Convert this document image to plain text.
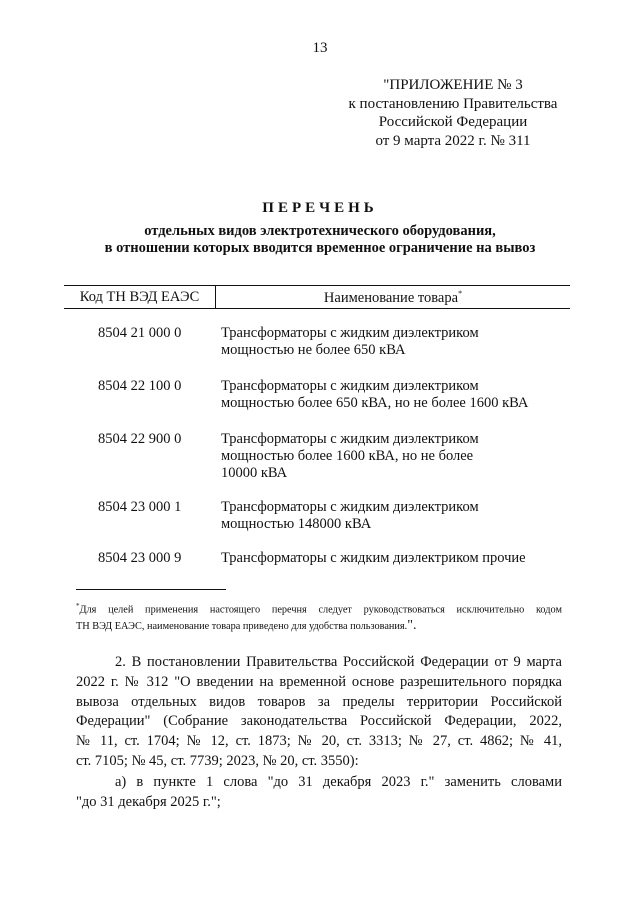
13
"ПРИЛОЖЕНИЕ № 3
к постановлению Правительства
Российской Федерации
от 9 марта 2022 г. № 311
ПЕРЕЧЕНЬ
отдельных видов электротехнического оборудования,
в отношении которых вводится временное ограничение на вывоз
Код ТН ВЭД ЕАЭС	Наименование товара*
8504 21 000 0	Трансформаторы с жидким диэлектриком
мощностью не более 650 кВА
8504 22 100 0	Трансформаторы с жидким диэлектриком
мощностью более 650 кВА, но не более 1600 кВА
8504 22 900 0	Трансформаторы с жидким диэлектриком
мощностью более 1600 кВА, но не более
10000 кВА
8504 23 000 1	Трансформаторы с жидким диэлектриком
мощностью 148000 кВА
8504 23 000 9	Трансформаторы с жидким диэлектриком прочие
*Для целей применения настоящего перечня следует руководствоваться исключительно кодом
ТН ВЭД ЕАЭС, наименование товара приведено для удобства пользования.".
2. В постановлении Правительства Российской Федерации от 9 марта
2022 г. № 312 "О введении на временной основе разрешительного порядка
вывоза отдельных видов товаров за пределы территории Российской
Федерации" (Собрание законодательства Российской Федерации, 2022,
№ 11, ст. 1704; № 12, ст. 1873; № 20, ст. 3313; № 27, ст. 4862; № 41,
ст. 7105; № 45, ст. 7739; 2023, № 20, ст. 3550):
а) в пункте 1 слова "до 31 декабря 2023 г." заменить словами
"до 31 декабря 2025 г.";
